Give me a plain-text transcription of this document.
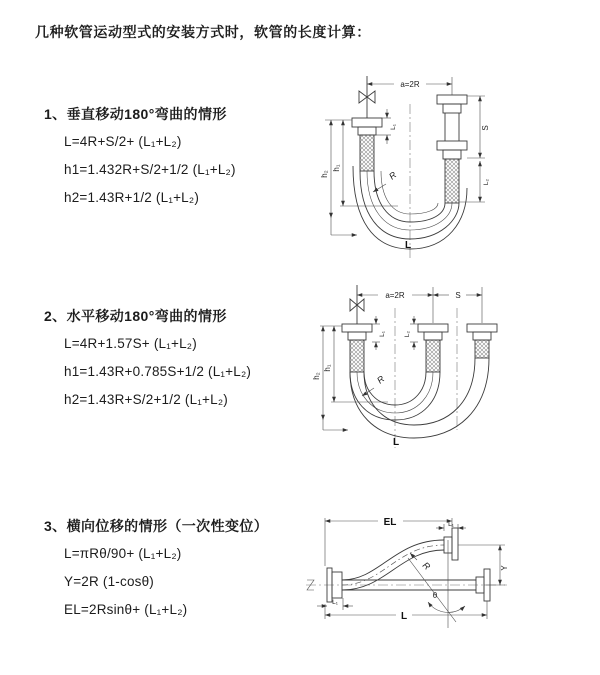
几种软管运动型式的安装方式时，软管的长度计算：
1、垂直移动180°弯曲的情形
L=4R+S/2+ (L₁+L₂)
h1=1.432R+S/2+1/2 (L₁+L₂)
h2=1.43R+1/2 (L₁+L₂)
2、水平移动180°弯曲的情形
L=4R+1.57S+ (L₁+L₂)
h1=1.43R+0.785S+1/2 (L₁+L₂)
h2=1.43R+S/2+1/2 (L₁+L₂)
3、横向位移的情形（一次性变位）
L=πRθ/90+ (L₁+L₂)
Y=2R (1-cosθ)
EL=2Rsinθ+ (L₁+L₂)
a=2R
h₁
h₂
L
L₁	S
L₂
R
a=2R	S
h₁
h₂
L
L₁	L₂
R
θ
EL	L₁
Y
R
L
L₁
